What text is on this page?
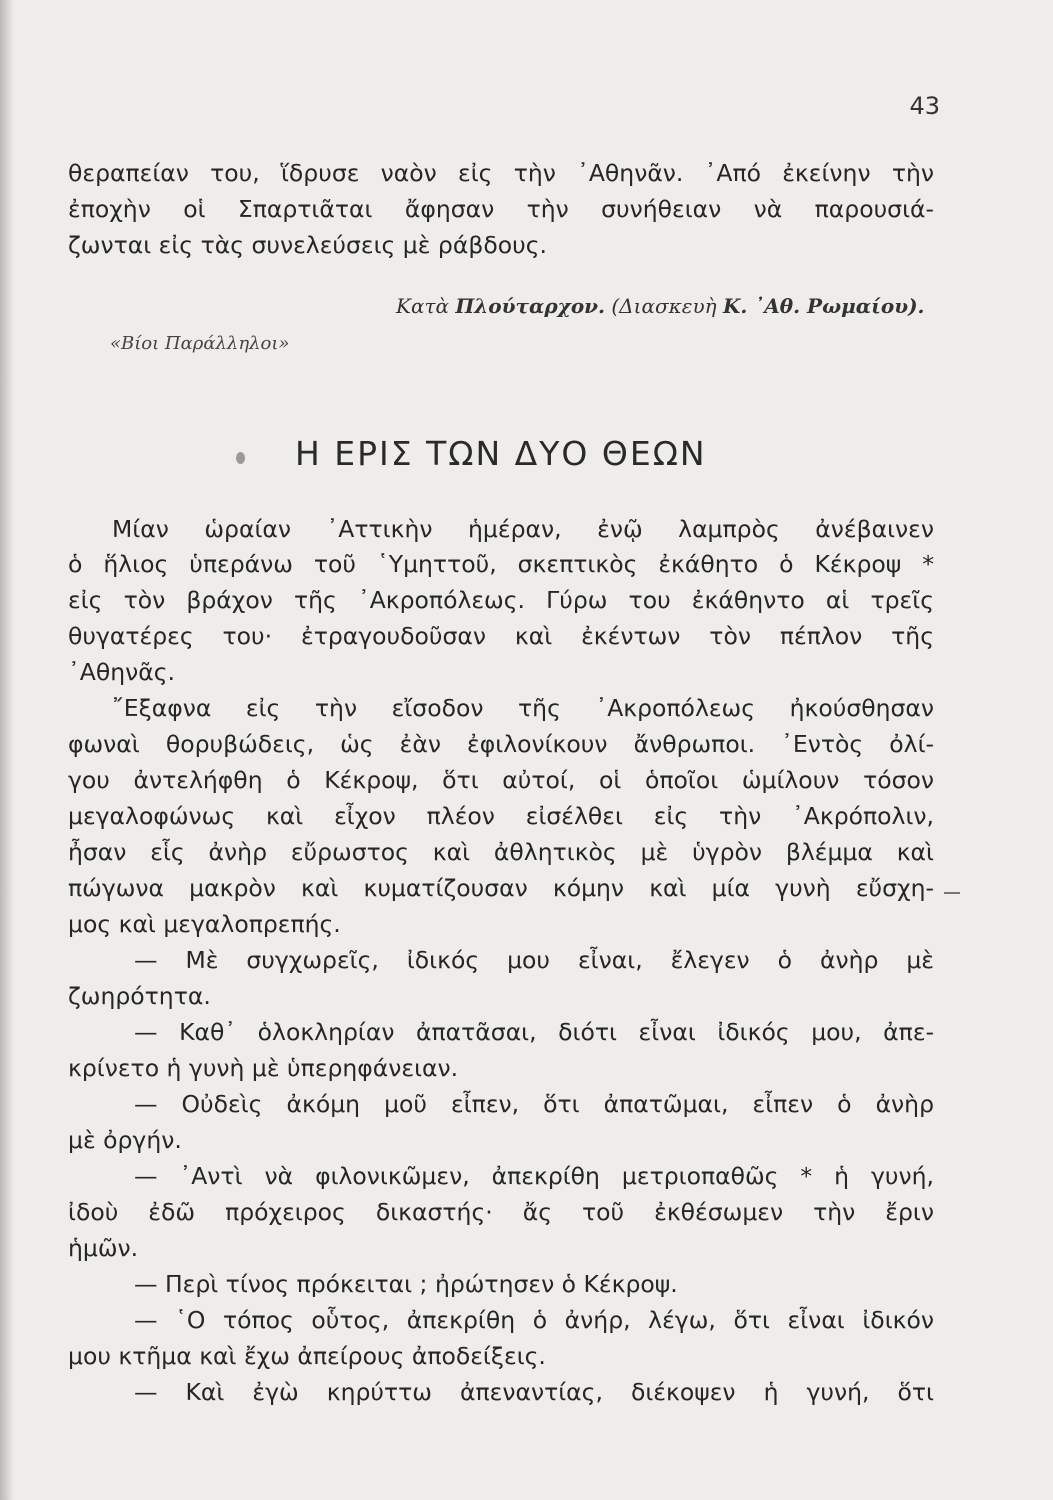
43
θεραπείαν του, ἵδρυσε ναὸν εἰς τὴν ᾿Αθηνᾶν. ᾿Από ἐκείνην τὴν
ἐποχὴν οἱ Σπαρτιᾶται ἄφησαν τὴν συνήθειαν νὰ παρουσιά-
ζωνται εἰς τὰς συνελεύσεις μὲ ράβδους.
Κατὰ Πλούταρχον. (Διασκευὴ Κ. ᾿Αθ. Ρωμαίου).
«Βίοι Παράλληλοι»
Η ΕΡΙΣ ΤΩΝ ΔΥΟ ΘΕΩΝ
Μίαν ὡραίαν ᾿Αττικὴν ἡμέραν, ἐνῷ λαμπρὸς ἀνέβαινεν
ὁ ἥλιος ὑπεράνω τοῦ ῾Υμηττοῦ, σκεπτικὸς ἐκάθητο ὁ Κέκροψ *
εἰς τὸν βράχον τῆς ᾿Ακροπόλεως. Γύρω του ἐκάθηντο αἱ τρεῖς
θυγατέρες του· ἐτραγουδοῦσαν καὶ ἐκέντων τὸν πέπλον τῆς
᾿Αθηνᾶς.
῎Εξαφνα εἰς τὴν εἴσοδον τῆς ᾿Ακροπόλεως ἠκούσθησαν
φωναὶ θορυβώδεις, ὡς ἐὰν ἐφιλονίκουν ἄνθρωποι. ᾿Εντὸς ὀλί-
γου ἀντελήφθη ὁ Κέκροψ, ὅτι αὐτοί, οἱ ὁποῖοι ὡμίλουν τόσον
μεγαλοφώνως καὶ εἶχον πλέον εἰσέλθει εἰς τὴν ᾿Ακρόπολιν,
ἦσαν εἷς ἀνὴρ εὔρωστος καὶ ἀθλητικὸς μὲ ὑγρὸν βλέμμα καὶ
πώγωνα μακρὸν καὶ κυματίζουσαν κόμην καὶ μία γυνὴ εὔσχη-
μος καὶ μεγαλοπρεπής.
— Μὲ συγχωρεῖς, ἰδικός μου εἶναι, ἔλεγεν ὁ ἀνὴρ μὲ
ζωηρότητα.
— Καθ᾿ ὁλοκληρίαν ἀπατᾶσαι, διότι εἶναι ἰδικός μου, ἀπε-
κρίνετο ἡ γυνὴ μὲ ὑπερηφάνειαν.
— Οὐδεὶς ἀκόμη μοῦ εἶπεν, ὅτι ἀπατῶμαι, εἶπεν ὁ ἀνὴρ
μὲ ὀργήν.
— ᾿Αντὶ νὰ φιλονικῶμεν, ἀπεκρίθη μετριοπαθῶς * ἡ γυνή,
ἰδοὺ ἐδῶ πρόχειρος δικαστής· ἄς τοῦ ἐκθέσωμεν τὴν ἔριν
ἡμῶν.
— Περὶ τίνος πρόκειται ; ἠρώτησεν ὁ Κέκροψ.
— ῾Ο τόπος οὗτος, ἀπεκρίθη ὁ ἀνήρ, λέγω, ὅτι εἶναι ἰδικόν
μου κτῆμα καὶ ἔχω ἀπείρους ἀποδείξεις.
— Καὶ ἐγὼ κηρύττω ἀπεναντίας, διέκοψεν ἡ γυνή, ὅτι
